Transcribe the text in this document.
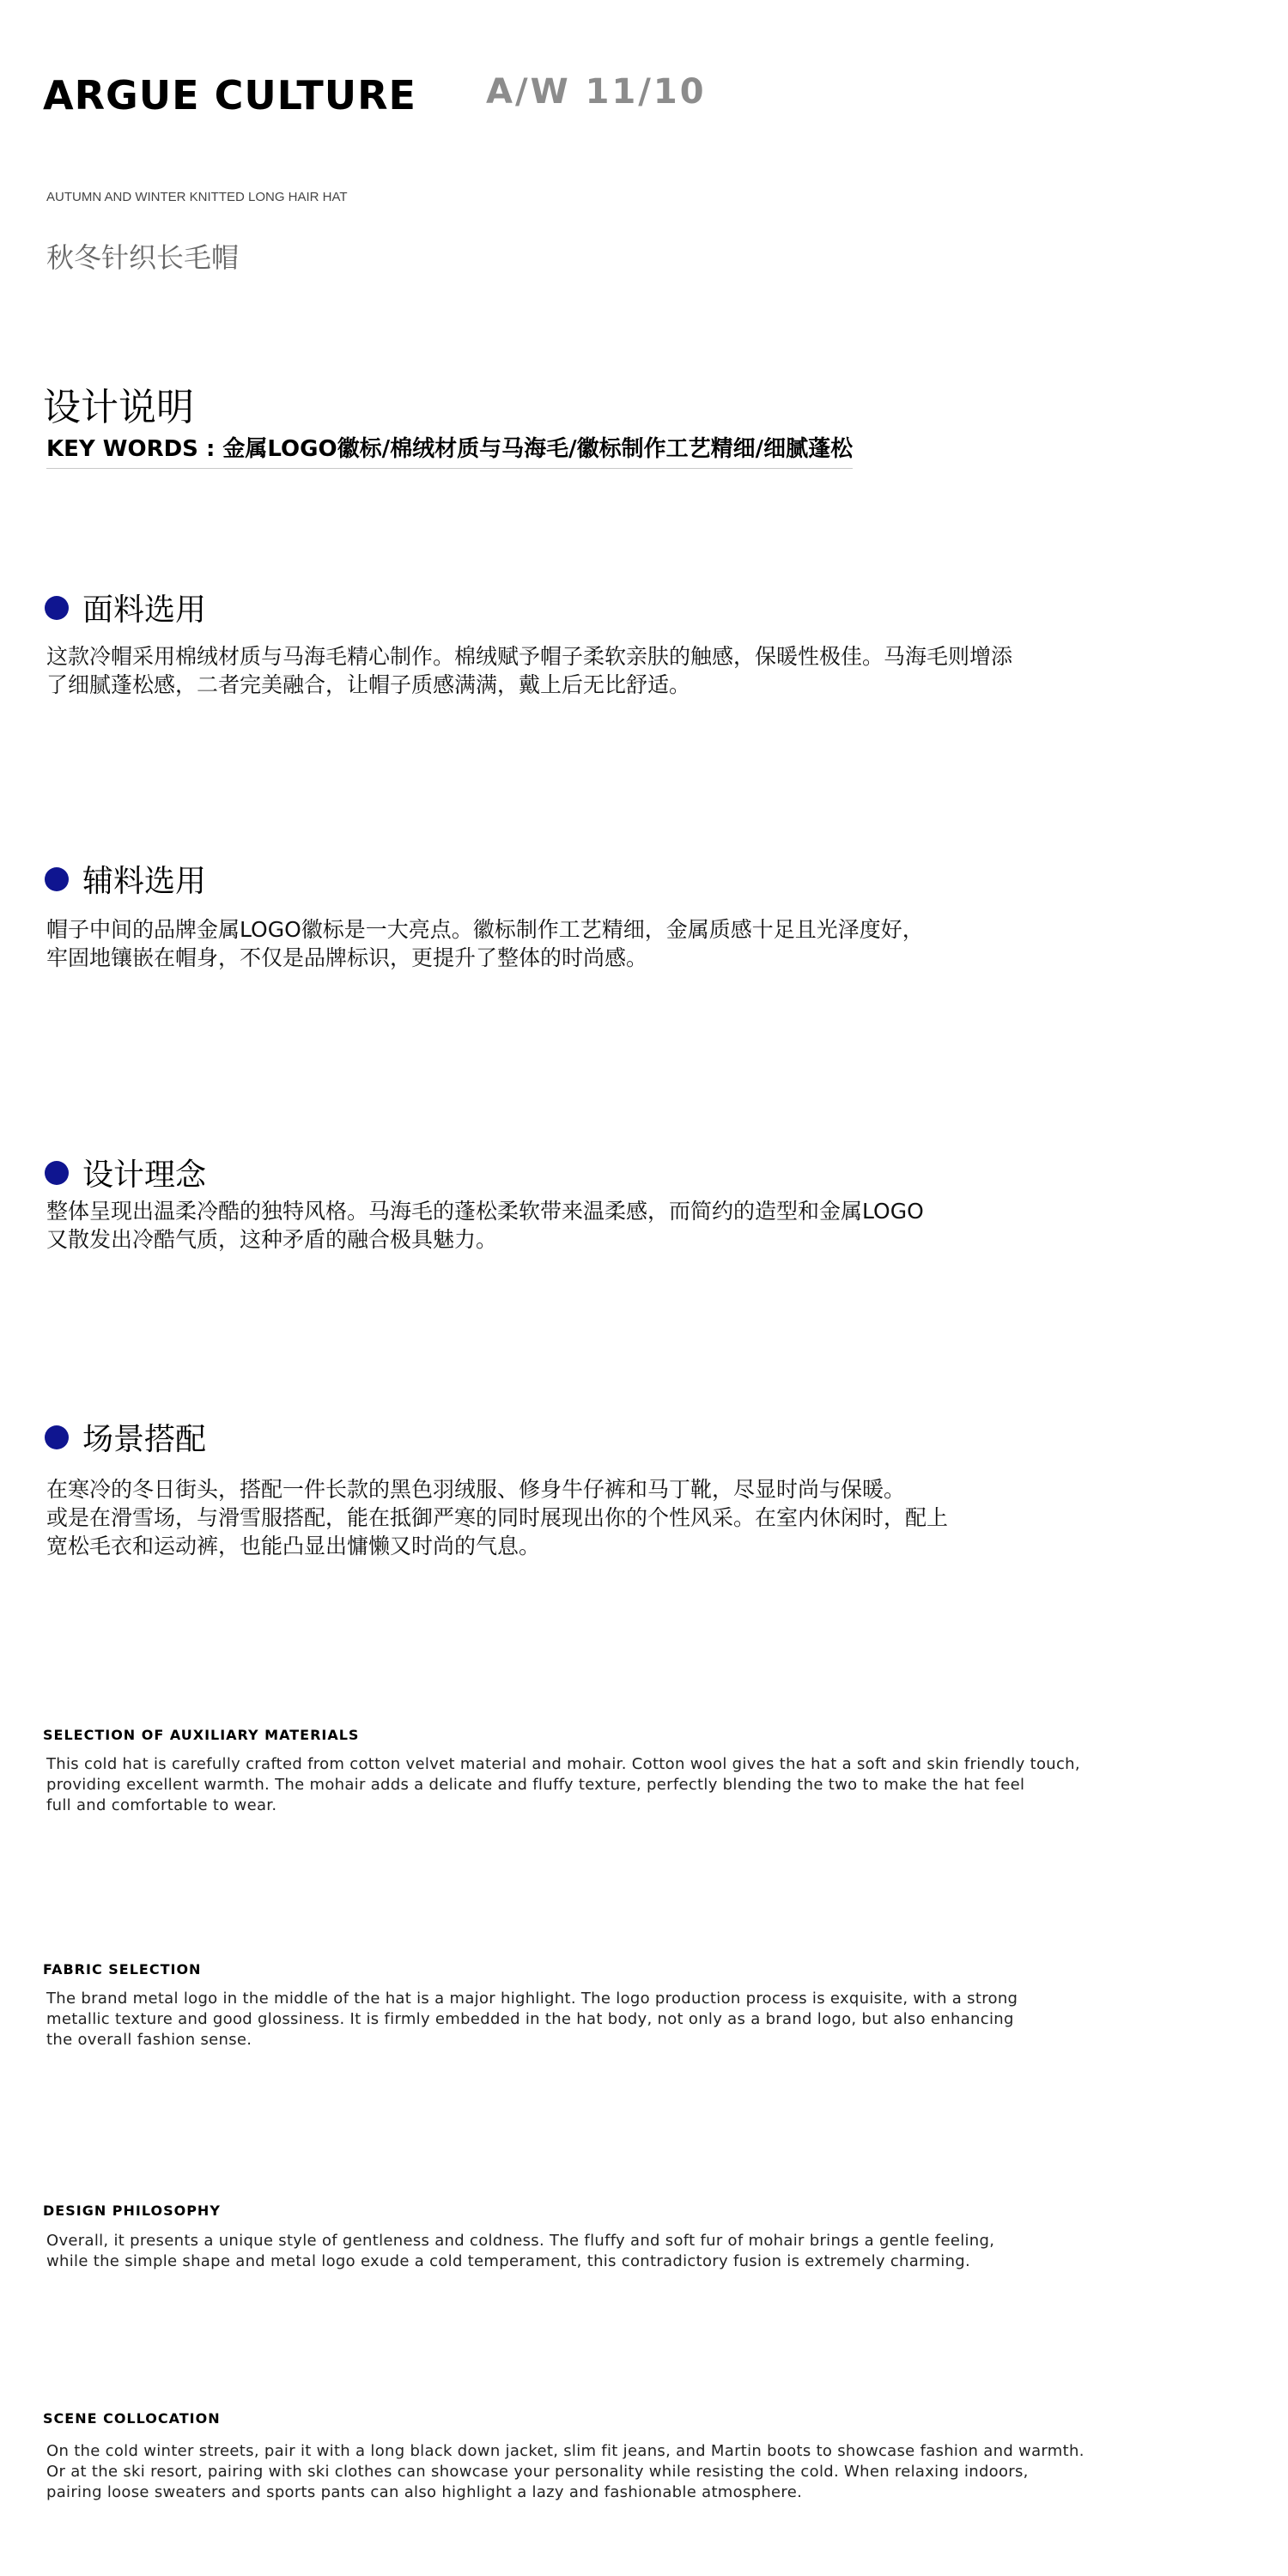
ARGUE CULTURE A/W 11/10
AUTUMN AND WINTER KNITTED LONG HAIR HAT
秋冬针织长毛帽
设计说明
KEY WORDS : 金属LOGO徽标/棉绒材质与马海毛/徽标制作工艺精细/细腻蓬松
面料选用
这款冷帽采用棉绒材质与马海毛精心制作。棉绒赋予帽子柔软亲肤的触感，保暖性极佳。马海毛则增添
了细腻蓬松感，二者完美融合，让帽子质感满满，戴上后无比舒适。
辅料选用
帽子中间的品牌金属LOGO徽标是一大亮点。徽标制作工艺精细，金属质感十足且光泽度好，
牢固地镶嵌在帽身，不仅是品牌标识，更提升了整体的时尚感。
设计理念
整体呈现出温柔冷酷的独特风格。马海毛的蓬松柔软带来温柔感，而简约的造型和金属LOGO
又散发出冷酷气质，这种矛盾的融合极具魅力。
场景搭配
在寒冷的冬日街头，搭配一件长款的黑色羽绒服、修身牛仔裤和马丁靴，尽显时尚与保暖。
或是在滑雪场，与滑雪服搭配，能在抵御严寒的同时展现出你的个性风采。在室内休闲时，配上
宽松毛衣和运动裤，也能凸显出慵懒又时尚的气息。
SELECTION OF AUXILIARY MATERIALS
This cold hat is carefully crafted from cotton velvet material and mohair. Cotton wool gives the hat a soft and skin friendly touch,
providing excellent warmth. The mohair adds a delicate and fluffy texture, perfectly blending the two to make the hat feel
full and comfortable to wear.
FABRIC SELECTION
The brand metal logo in the middle of the hat is a major highlight. The logo production process is exquisite, with a strong
metallic texture and good glossiness. It is firmly embedded in the hat body, not only as a brand logo, but also enhancing
the overall fashion sense.
DESIGN PHILOSOPHY
Overall, it presents a unique style of gentleness and coldness. The fluffy and soft fur of mohair brings a gentle feeling,
while the simple shape and metal logo exude a cold temperament, this contradictory fusion is extremely charming.
SCENE COLLOCATION
On the cold winter streets, pair it with a long black down jacket, slim fit jeans, and Martin boots to showcase fashion and warmth.
Or at the ski resort, pairing with ski clothes can showcase your personality while resisting the cold. When relaxing indoors,
pairing loose sweaters and sports pants can also highlight a lazy and fashionable atmosphere.
